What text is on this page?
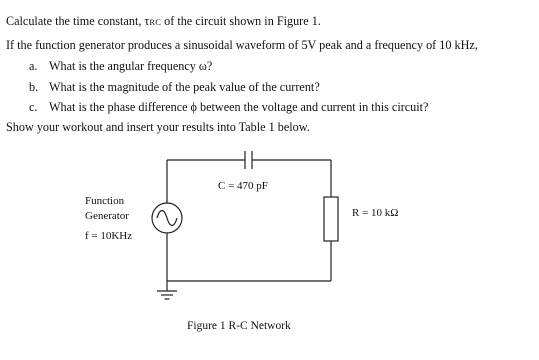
Calculate the time constant, τRC of the circuit shown in Figure 1.
If the function generator produces a sinusoidal waveform of 5V peak and a frequency of 10 kHz,
a. What is the angular frequency ω?
b. What is the magnitude of the peak value of the current?
c. What is the phase difference ϕ between the voltage and current in this circuit?
Show your workout and insert your results into Table 1 below.
C = 470 pF
R = 10 kΩ
Function
Generator
f = 10KHz
Figure 1 R-C Network
